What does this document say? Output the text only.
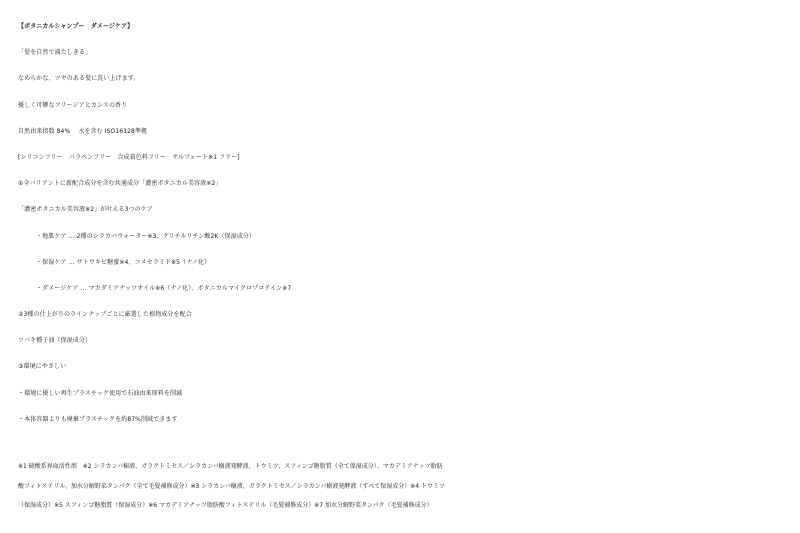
【ボタニカルシャンプー　ダメージケア】
「髪を自然で満たしきる」
なめらかな、ツヤのある髪に洗い上げます。
優しく可憐なフリージアとカシスの香り
自然由来指数 84%　 水を含む ISO16128準拠
[シリコンフリー　パラベンフリー　合成着色料フリー　サルフェート※1 フリー]
①全バリアントに新配合成分を含む共通成分「濃密ボタニカル美容液※2」
「濃密ボタニカル美容液※2」が叶える3つのケア
・地肌ケア … 2種のシラカバウォーター※3、グリチルリチン酸2K（保湿成分）
・保湿ケア … サトウキビ糖蜜※4、コメセラミド※5（ナノ化）
・ダメージケア … マカダミアナッツオイル※6（ナノ化）、ボタニカルマイクロプロテイン※7
②3種の仕上がりのラインナップごとに厳選した植物成分を配合
ツバキ種子油（保湿成分）
③環境にやさしい
・環境に優しい再生プラスチック使用で石油由来原料を削減
・本体容器よりも廃棄プラスチックを約87%削減できます
※1 硫酸系界面活性剤　※2 シラカンバ樹液、ガラクトミセス／シラカンバ樹液発酵液、トウミツ、スフィンゴ糖脂質（全て保湿成分）、マカデミアナッツ脂肪
酸フィトステリル、加水分解野菜タンパク（全て毛髪補修成分）※3 シラカンバ樹液、ガラクトミセス／シラカンバ樹液発酵液（すべて保湿成分）※4 トウミツ
（保湿成分）※5 スフィンゴ糖脂質（保湿成分）※6 マカデミアナッツ脂肪酸フィトステリル（毛髪補修成分）※7 加水分解野菜タンパク（毛髪補修成分）
